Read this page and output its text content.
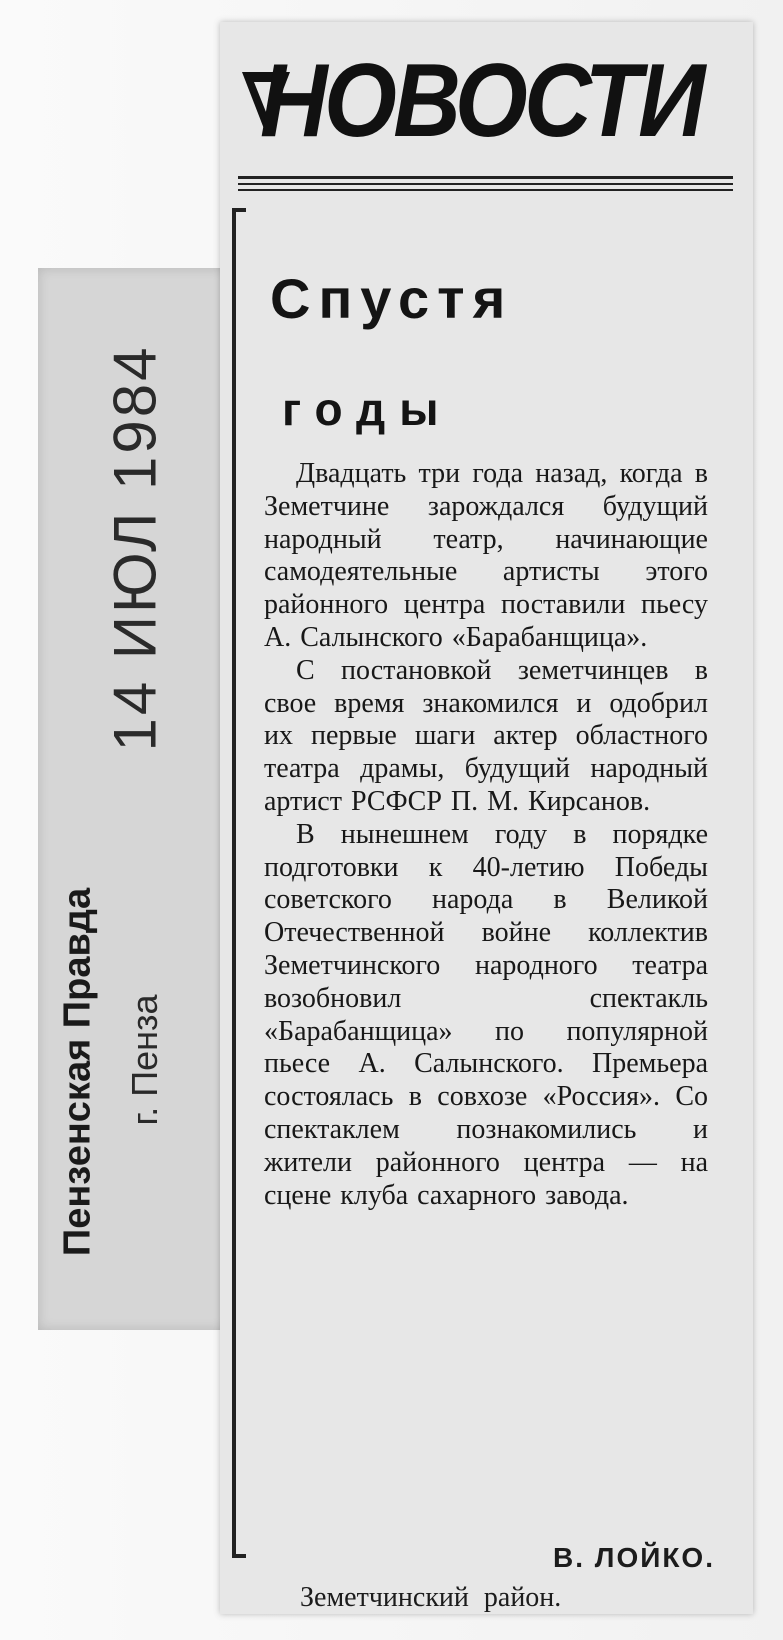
14 ИЮЛ 1984
Пензенская Правда г. Пенза
НОВОСТИ
Спустя
годы

Двадцать три года назад, когда в Земетчине зарождался будущий народный театр, начинающие самодеятельные артисты этого районного центра поставили пьесу А. Салынского «Барабанщица».

С постановкой земетчинцев в свое время знакомился и одобрил их первые шаги актер областного театра драмы, будущий народный артист РСФСР П. М. Кирсанов.

В нынешнем году в порядке подготовки к 40-летию Победы советского народа в Великой Отечественной войне коллектив Земетчинского народного театра возобновил спектакль «Барабанщица» по популярной пьесе А. Салынского. Премьера состоялась в совхозе «Россия». Со спектаклем познакомились и жители районного центра — на сцене клуба сахарного завода.

В. ЛОЙКО.
Земетчинский район.
